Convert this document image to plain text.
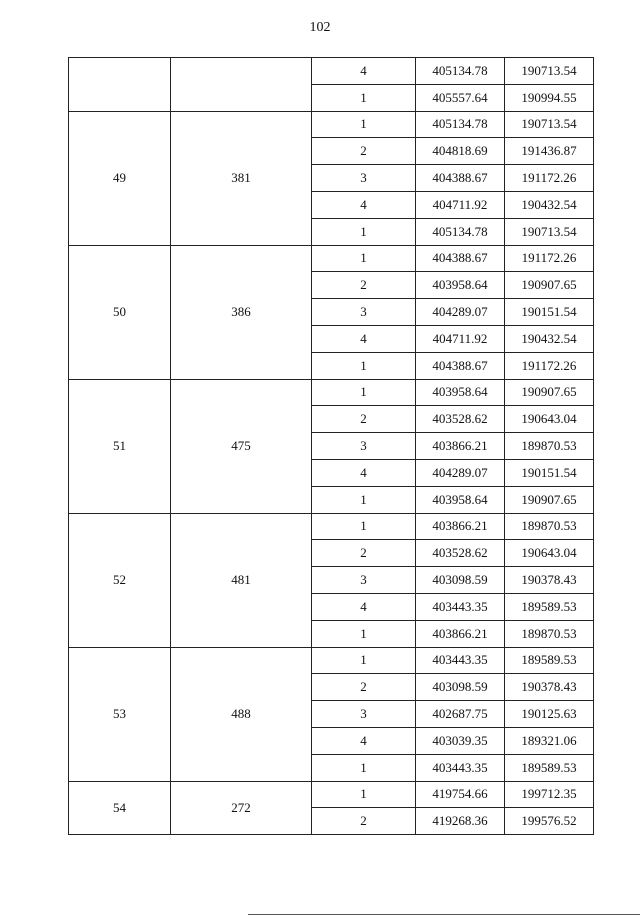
102
		4	405134.78	190713.54
		1	405557.64	190994.55
49	381	1	405134.78	190713.54
		2	404818.69	191436.87
		3	404388.67	191172.26
		4	404711.92	190432.54
		1	405134.78	190713.54
50	386	1	404388.67	191172.26
		2	403958.64	190907.65
		3	404289.07	190151.54
		4	404711.92	190432.54
		1	404388.67	191172.26
51	475	1	403958.64	190907.65
		2	403528.62	190643.04
		3	403866.21	189870.53
		4	404289.07	190151.54
		1	403958.64	190907.65
52	481	1	403866.21	189870.53
		2	403528.62	190643.04
		3	403098.59	190378.43
		4	403443.35	189589.53
		1	403866.21	189870.53
53	488	1	403443.35	189589.53
		2	403098.59	190378.43
		3	402687.75	190125.63
		4	403039.35	189321.06
		1	403443.35	189589.53
54	272	1	419754.66	199712.35
		2	419268.36	199576.52
